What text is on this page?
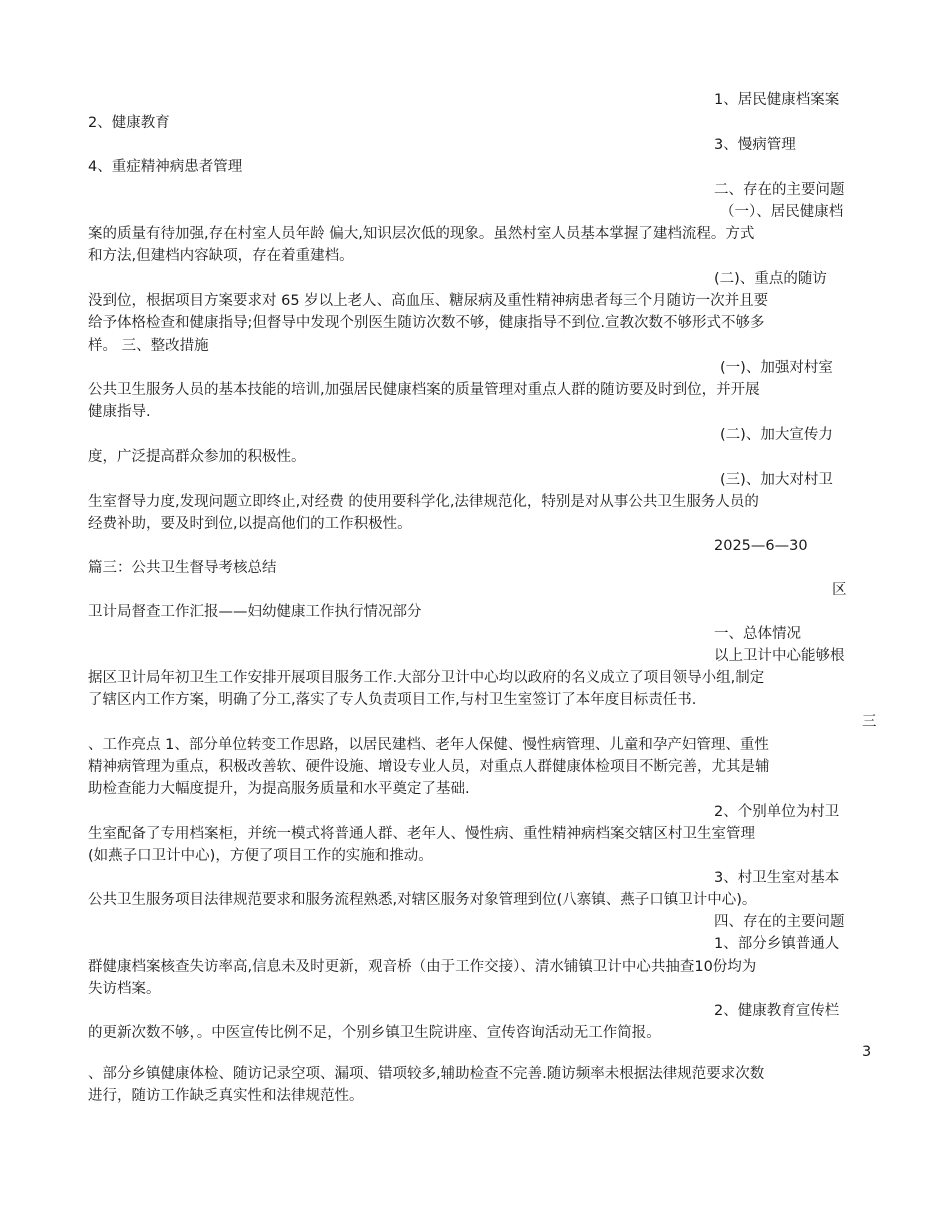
1、居民健康档案案
2、健康教育
3、慢病管理
4、重症精神病患者管理
二、存在的主要问题
（一）、居民健康档
案的质量有待加强,存在村室人员年龄 偏大,知识层次低的现象。虽然村室人员基本掌握了建档流程。方式
和方法,但建档内容缺项，存在着重建档。
(二)、重点的随访
没到位，根据项目方案要求对 65 岁以上老人、高血压、糖尿病及重性精神病患者每三个月随访一次并且要
给予体格检查和健康指导;但督导中发现个别医生随访次数不够，健康指导不到位.宣教次数不够形式不够多
样。 三、整改措施
(一)、加强对村室
公共卫生服务人员的基本技能的培训,加强居民健康档案的质量管理对重点人群的随访要及时到位，并开展
健康指导.
(二)、加大宣传力
度，广泛提高群众参加的积极性。
(三)、加大对村卫
生室督导力度,发现问题立即终止,对经费 的使用要科学化,法律规范化，特别是对从事公共卫生服务人员的
经费补助，要及时到位,以提高他们的工作积极性。
2025—6—30
篇三：公共卫生督导考核总结
区
卫计局督查工作汇报——妇幼健康工作执行情况部分
一、总体情况
以上卫计中心能够根
据区卫计局年初卫生工作安排开展项目服务工作.大部分卫计中心均以政府的名义成立了项目领导小组,制定
了辖区内工作方案，明确了分工,落实了专人负责项目工作,与村卫生室签订了本年度目标责任书.
三
、工作亮点 1、部分单位转变工作思路，以居民建档、老年人保健、慢性病管理、儿童和孕产妇管理、重性
精神病管理为重点，积极改善软、硬件设施、增设专业人员，对重点人群健康体检项目不断完善，尤其是辅
助检查能力大幅度提升，为提高服务质量和水平奠定了基础.
2、个别单位为村卫
生室配备了专用档案柜，并统一模式将普通人群、老年人、慢性病、重性精神病档案交辖区村卫生室管理
(如燕子口卫计中心)，方便了项目工作的实施和推动。
3、村卫生室对基本
公共卫生服务项目法律规范要求和服务流程熟悉,对辖区服务对象管理到位(八寨镇、燕子口镇卫计中心)。
四、存在的主要问题
1、部分乡镇普通人
群健康档案核查失访率高,信息未及时更新，观音桥（由于工作交接）、清水铺镇卫计中心共抽查10份均为
失访档案。
2、健康教育宣传栏
的更新次数不够，。中医宣传比例不足，个别乡镇卫生院讲座、宣传咨询活动无工作简报。
3
、部分乡镇健康体检、随访记录空项、漏项、错项较多,辅助检查不完善.随访频率未根据法律规范要求次数
进行，随访工作缺乏真实性和法律规范性。
